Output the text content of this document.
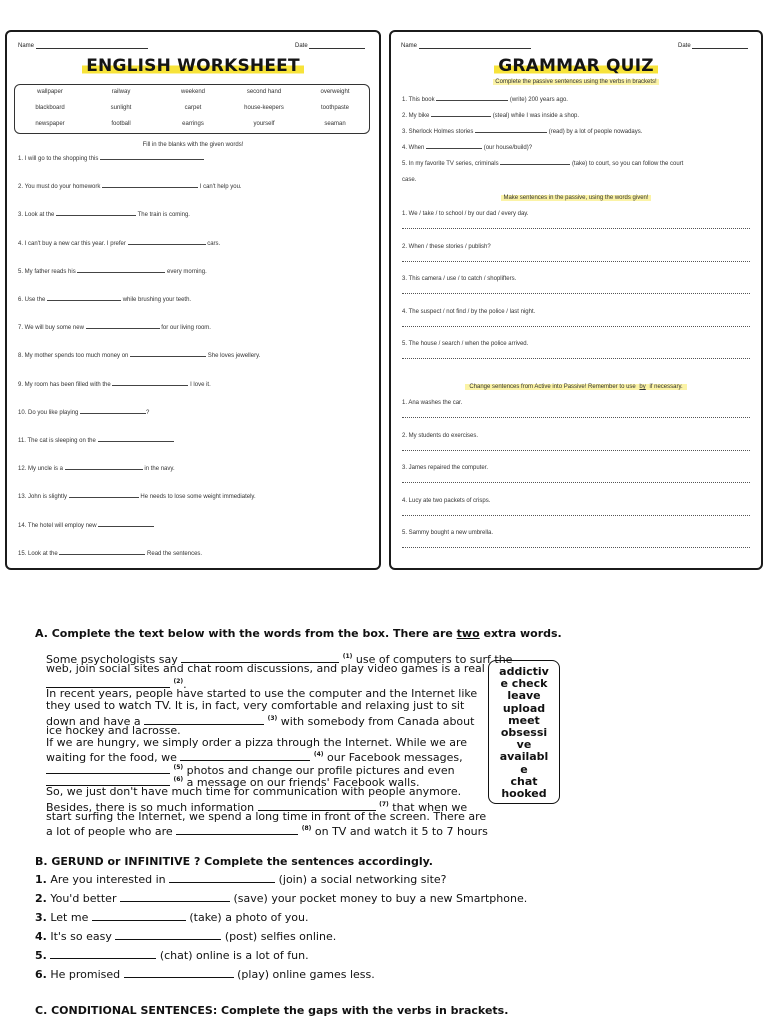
Name	Date
ENGLISH WORKSHEET
wallpaper	railway	weekend	second hand	overweight
blackboard	sunlight	carpet	house-keepers	toothpaste
newspaper	football	earrings	yourself	seaman
Fill in the blanks with the given words!
1. I will go to the shopping this
2. You must do your homework	I can't help you.
3. Look at the	The train is coming.
4. I can't buy a new car this year. I prefer	cars.
5. My father reads his	every morning.
6. Use the	while brushing your teeth.
7. We will buy some new	for our living room.
8. My mother spends too much money on	She loves jewellery.
9. My room has been filled with the	I love it.
10. Do you like playing	?
11. The cat is sleeping on the
12. My uncle is a	in the navy.
13. John is slightly	He needs to lose some weight immediately.
14. The hotel will employ new
15. Look at the	Read the sentences.
Name	Date
GRAMMAR QUIZ
Complete the passive sentences using the verbs in brackets!
1. This book	(write) 200 years ago.
2. My bike	(steal) while I was inside a shop.
3. Sherlock Holmes stories	(read) by a lot of people nowadays.
4. When	(our house/build)?
5. In my favorite TV series, criminals	(take) to court, so you can follow the court
case.
Make sentences in the passive, using the words given!
1. We / take / to school / by our dad / every day.
2. When / these stories / publish?
3. This camera / use / to catch / shoplifters.
4. The suspect / not find / by the police / last night.
5. The house / search / when the police arrived.
Change sentences from Active into Passive! Remember to use by if necessary.
1. Ana washes the car.
2. My students do exercises.
3. James repaired the computer.
4. Lucy ate two packets of crisps.
5. Sammy bought a new umbrella.
A. Complete the text below with the words from the box. There are two extra words.
Some psychologists say	$^{(1)}$ use of computers to surf the
web, join social sites and chat room discussions, and play video games is a real
$^{(2)}$.
In recent years, people have started to use the computer and the Internet like
they used to watch TV. It is, in fact, very comfortable and relaxing just to sit
down and have a	$^{(3)}$ with somebody from Canada about
ice hockey and lacrosse.
If we are hungry, we simply order a pizza through the Internet. While we are
waiting for the food, we	$^{(4)}$ our Facebook messages,
$^{(5)}$ photos and change our profile pictures and even
$^{(6)}$ a message on our friends' Facebook walls.
So, we just don't have much time for communication with people anymore.
Besides, there is so much information	$^{(7)}$ that when we
start surfing the Internet, we spend a long time in front of the screen. There are
a lot of people who are	$^{(8)}$ on TV and watch it 5 to 7 hours
addictiv
e check
leave
upload
meet
obsessi
ve
availabl
e
chat
hooked
B. GERUND or INFINITIVE ? Complete the sentences accordingly.
1. Are you interested in	(join) a social networking site?
2. You'd better	(save) your pocket money to buy a new Smartphone.
3. Let me	(take) a photo of you.
4. It's so easy	(post) selfies online.
5.	(chat) online is a lot of fun.
6. He promised	(play) online games less.
C. CONDITIONAL SENTENCES: Complete the gaps with the verbs in brackets.
